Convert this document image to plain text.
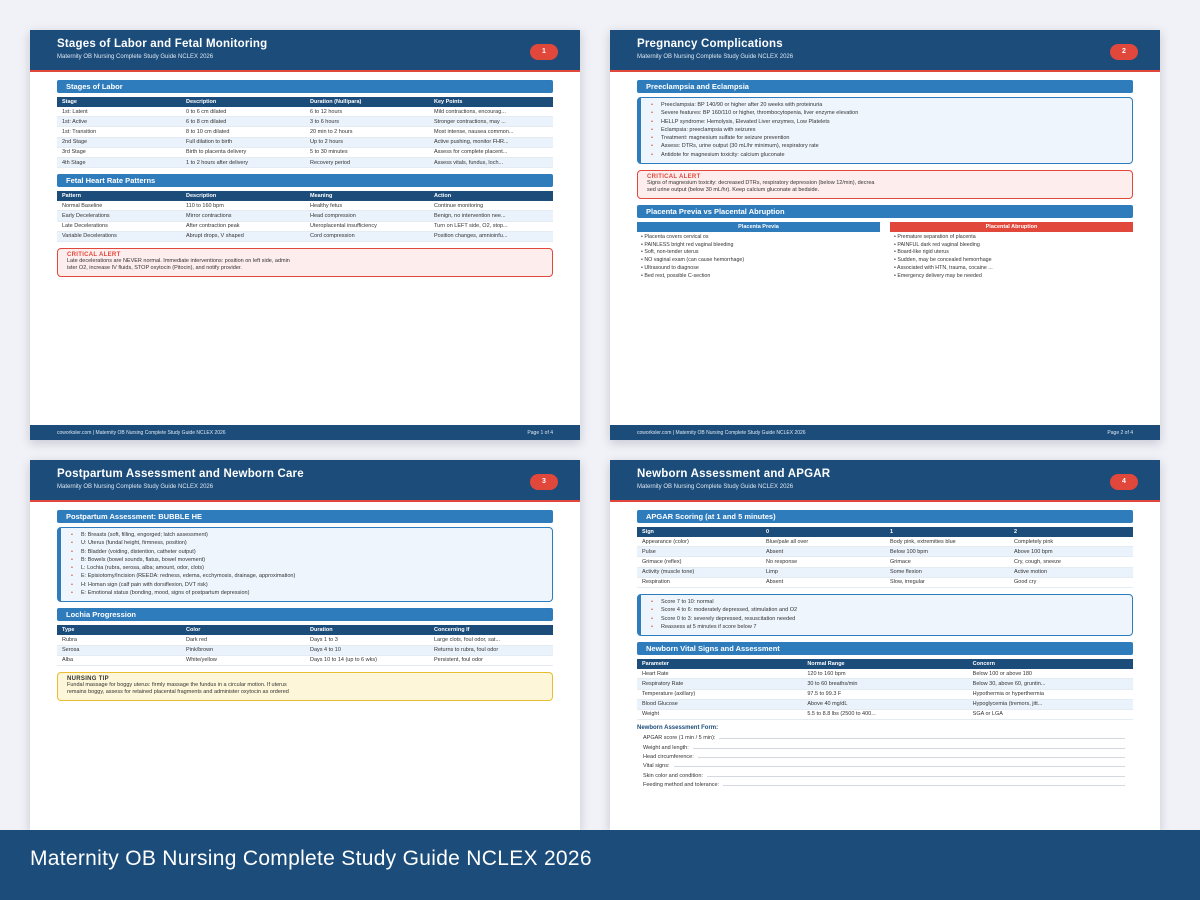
Stages of Labor and Fetal Monitoring
Maternity OB Nursing Complete Study Guide NCLEX 2026
1
Stages of Labor
Stage	Description	Duration (Nullipara)	Key Points
1st: Latent	0 to 6 cm dilated	6 to 12 hours	Mild contractions, encourag...
1st: Active	6 to 8 cm dilated	3 to 6 hours	Stronger contractions, may ...
1st: Transition	8 to 10 cm dilated	20 min to 2 hours	Most intense, nausea common...
2nd Stage	Full dilation to birth	Up to 2 hours	Active pushing, monitor FHR...
3rd Stage	Birth to placenta delivery	5 to 30 minutes	Assess for complete placent...
4th Stage	1 to 2 hours after delivery	Recovery period	Assess vitals, fundus, loch...
Fetal Heart Rate Patterns
Pattern	Description	Meaning	Action
Normal Baseline	110 to 160 bpm	Healthy fetus	Continue monitoring
Early Decelerations	Mirror contractions	Head compression	Benign, no intervention nee...
Late Decelerations	After contraction peak	Uteroplacental insufficiency	Turn on LEFT side, O2, stop...
Variable Decelerations	Abrupt drops, V shaped	Cord compression	Position changes, amnioinfu...
CRITICAL ALERT
Late decelerations are NEVER normal. Immediate interventions: position on left side, admin
ister O2, increase IV fluids, STOP oxytocin (Pitocin), and notify provider.
coworksler.com | Maternity OB Nursing Complete Study Guide NCLEX 2026	Page 1 of 4
Pregnancy Complications
Maternity OB Nursing Complete Study Guide NCLEX 2026
2
Preeclampsia and Eclampsia
• Preeclampsia: BP 140/90 or higher after 20 weeks with proteinuria
• Severe features: BP 160/110 or higher, thrombocytopenia, liver enzyme elevation
• HELLP syndrome: Hemolysis, Elevated Liver enzymes, Low Platelets
• Eclampsia: preeclampsia with seizures
• Treatment: magnesium sulfate for seizure prevention
• Assess: DTRs, urine output (30 mL/hr minimum), respiratory rate
• Antidote for magnesium toxicity: calcium gluconate
CRITICAL ALERT
Signs of magnesium toxicity: decreased DTRs, respiratory depression (below 12/min), decrea
sed urine output (below 30 mL/hr). Keep calcium gluconate at bedside.
Placenta Previa vs Placental Abruption
Placenta Previa
• Placenta covers cervical os
• PAINLESS bright red vaginal bleeding
• Soft, non-tender uterus
• NO vaginal exam (can cause hemorrhage)
• Ultrasound to diagnose
• Bed rest, possible C-section
Placental Abruption
• Premature separation of placenta
• PAINFUL dark red vaginal bleeding
• Board-like rigid uterus
• Sudden, may be concealed hemorrhage
• Associated with HTN, trauma, cocaine ...
• Emergency delivery may be needed
coworksler.com | Maternity OB Nursing Complete Study Guide NCLEX 2026	Page 2 of 4
Postpartum Assessment and Newborn Care
Maternity OB Nursing Complete Study Guide NCLEX 2026
3
Postpartum Assessment: BUBBLE HE
• B: Breasts (soft, filling, engorged; latch assessment)
• U: Uterus (fundal height, firmness, position)
• B: Bladder (voiding, distention, catheter output)
• B: Bowels (bowel sounds, flatus, bowel movement)
• L: Lochia (rubra, serosa, alba; amount, odor, clots)
• E: Episiotomy/Incision (REEDA: redness, edema, ecchymosis, drainage, approximation)
• H: Homan sign (calf pain with dorsiflexion, DVT risk)
• E: Emotional status (bonding, mood, signs of postpartum depression)
Lochia Progression
Type	Color	Duration	Concerning If
Rubra	Dark red	Days 1 to 3	Large clots, foul odor, sat...
Serosa	Pink/brown	Days 4 to 10	Returns to rubra, foul odor
Alba	White/yellow	Days 10 to 14 (up to 6 wks)	Persistent, foul odor
NURSING TIP
Fundal massage for boggy uterus: firmly massage the fundus in a circular motion. If uterus
remains boggy, assess for retained placental fragments and administer oxytocin as ordered
Newborn Assessment and APGAR
Maternity OB Nursing Complete Study Guide NCLEX 2026
4
APGAR Scoring (at 1 and 5 minutes)
Sign	0	1	2
Appearance (color)	Blue/pale all over	Body pink, extremities blue	Completely pink
Pulse	Absent	Below 100 bpm	Above 100 bpm
Grimace (reflex)	No response	Grimace	Cry, cough, sneeze
Activity (muscle tone)	Limp	Some flexion	Active motion
Respiration	Absent	Slow, irregular	Good cry
• Score 7 to 10: normal
• Score 4 to 6: moderately depressed, stimulation and O2
• Score 0 to 3: severely depressed, resuscitation needed
• Reassess at 5 minutes if score below 7
Newborn Vital Signs and Assessment
Parameter	Normal Range	Concern
Heart Rate	120 to 160 bpm	Below 100 or above 180
Respiratory Rate	30 to 60 breaths/min	Below 30, above 60, gruntin...
Temperature (axillary)	97.5 to 99.3 F	Hypothermia or hyperthermia
Blood Glucose	Above 40 mg/dL	Hypoglycemia (tremors, jitt...
Weight	5.5 to 8.8 lbs (2500 to 400...	SGA or LGA
Newborn Assessment Form:
APGAR score (1 min / 5 min):
Weight and length:
Head circumference:
Vital signs:
Skin color and condition:
Feeding method and tolerance:
Maternity OB Nursing Complete Study Guide NCLEX 2026
